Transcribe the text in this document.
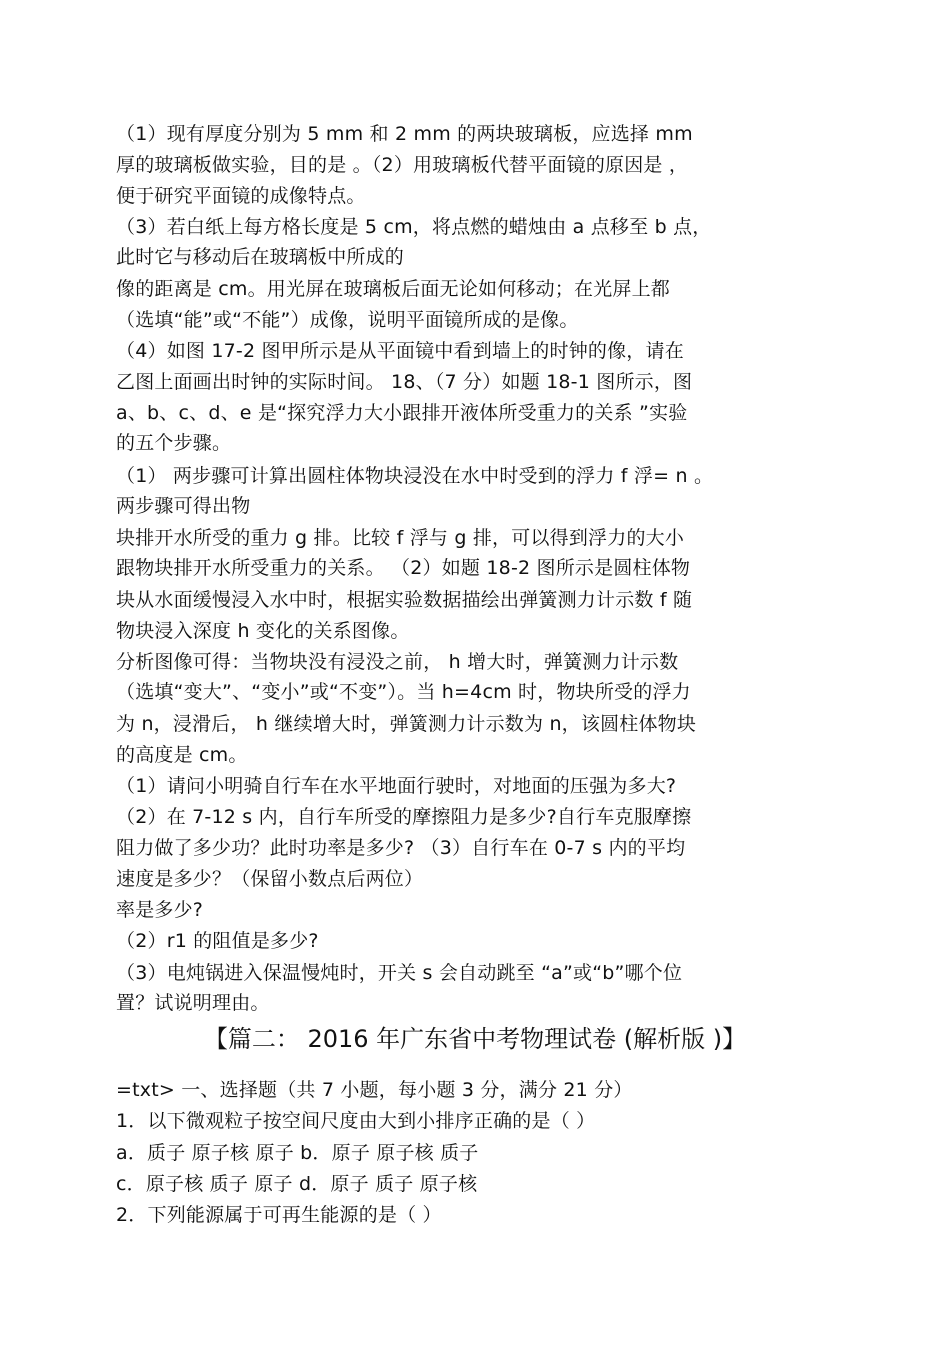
（1）现有厚度分别为 5 mm 和 2 mm 的两块玻璃板，应选择 mm
厚的玻璃板做实验，目的是 。（2）用玻璃板代替平面镜的原因是 ，
便于研究平面镜的成像特点。
（3）若白纸上每方格长度是 5 cm，将点燃的蜡烛由 a 点移至 b 点，
此时它与移动后在玻璃板中所成的
像的距离是 cm。用光屏在玻璃板后面无论如何移动；在光屏上都
（选填“能”或“不能”）成像，说明平面镜所成的是像。
（4）如图 17-2 图甲所示是从平面镜中看到墙上的时钟的像，请在
乙图上面画出时钟的实际时间。 18、（7 分）如题 18-1 图所示，图
a、b、c、d、e 是“探究浮力大小跟排开液体所受重力的关系 ”实验
的五个步骤。
（1） 两步骤可计算出圆柱体物块浸没在水中时受到的浮力 f 浮= n 。
两步骤可得出物
块排开水所受的重力 g 排。比较 f 浮与 g 排，可以得到浮力的大小
跟物块排开水所受重力的关系。 （2）如题 18-2 图所示是圆柱体物
块从水面缓慢浸入水中时，根据实验数据描绘出弹簧测力计示数 f 随
物块浸入深度 h 变化的关系图像。
分析图像可得：当物块没有浸没之前， h 增大时，弹簧测力计示数
（选填“变大”、“变小”或“不变”）。当 h=4cm 时，物块所受的浮力
为 n，浸滑后， h 继续增大时，弹簧测力计示数为 n，该圆柱体物块
的高度是 cm。
（1）请问小明骑自行车在水平地面行驶时，对地面的压强为多大?
（2）在 7-12 s 内，自行车所受的摩擦阻力是多少?自行车克服摩擦
阻力做了多少功？此时功率是多少? （3）自行车在 0-7 s 内的平均
速度是多少？（保留小数点后两位）
率是多少?
（2）r1 的阻值是多少?
（3）电炖锅进入保温慢炖时，开关 s 会自动跳至 “a”或“b”哪个位
置？试说明理由。
【篇二： 2016 年广东省中考物理试卷 (解析版 )】
=txt> 一、选择题（共 7 小题，每小题 3 分，满分 21 分）
1．以下微观粒子按空间尺度由大到小排序正确的是（ ）
a．质子 原子核 原子 b．原子 原子核 质子
c．原子核 质子 原子 d．原子 质子 原子核
2．下列能源属于可再生能源的是（ ）
